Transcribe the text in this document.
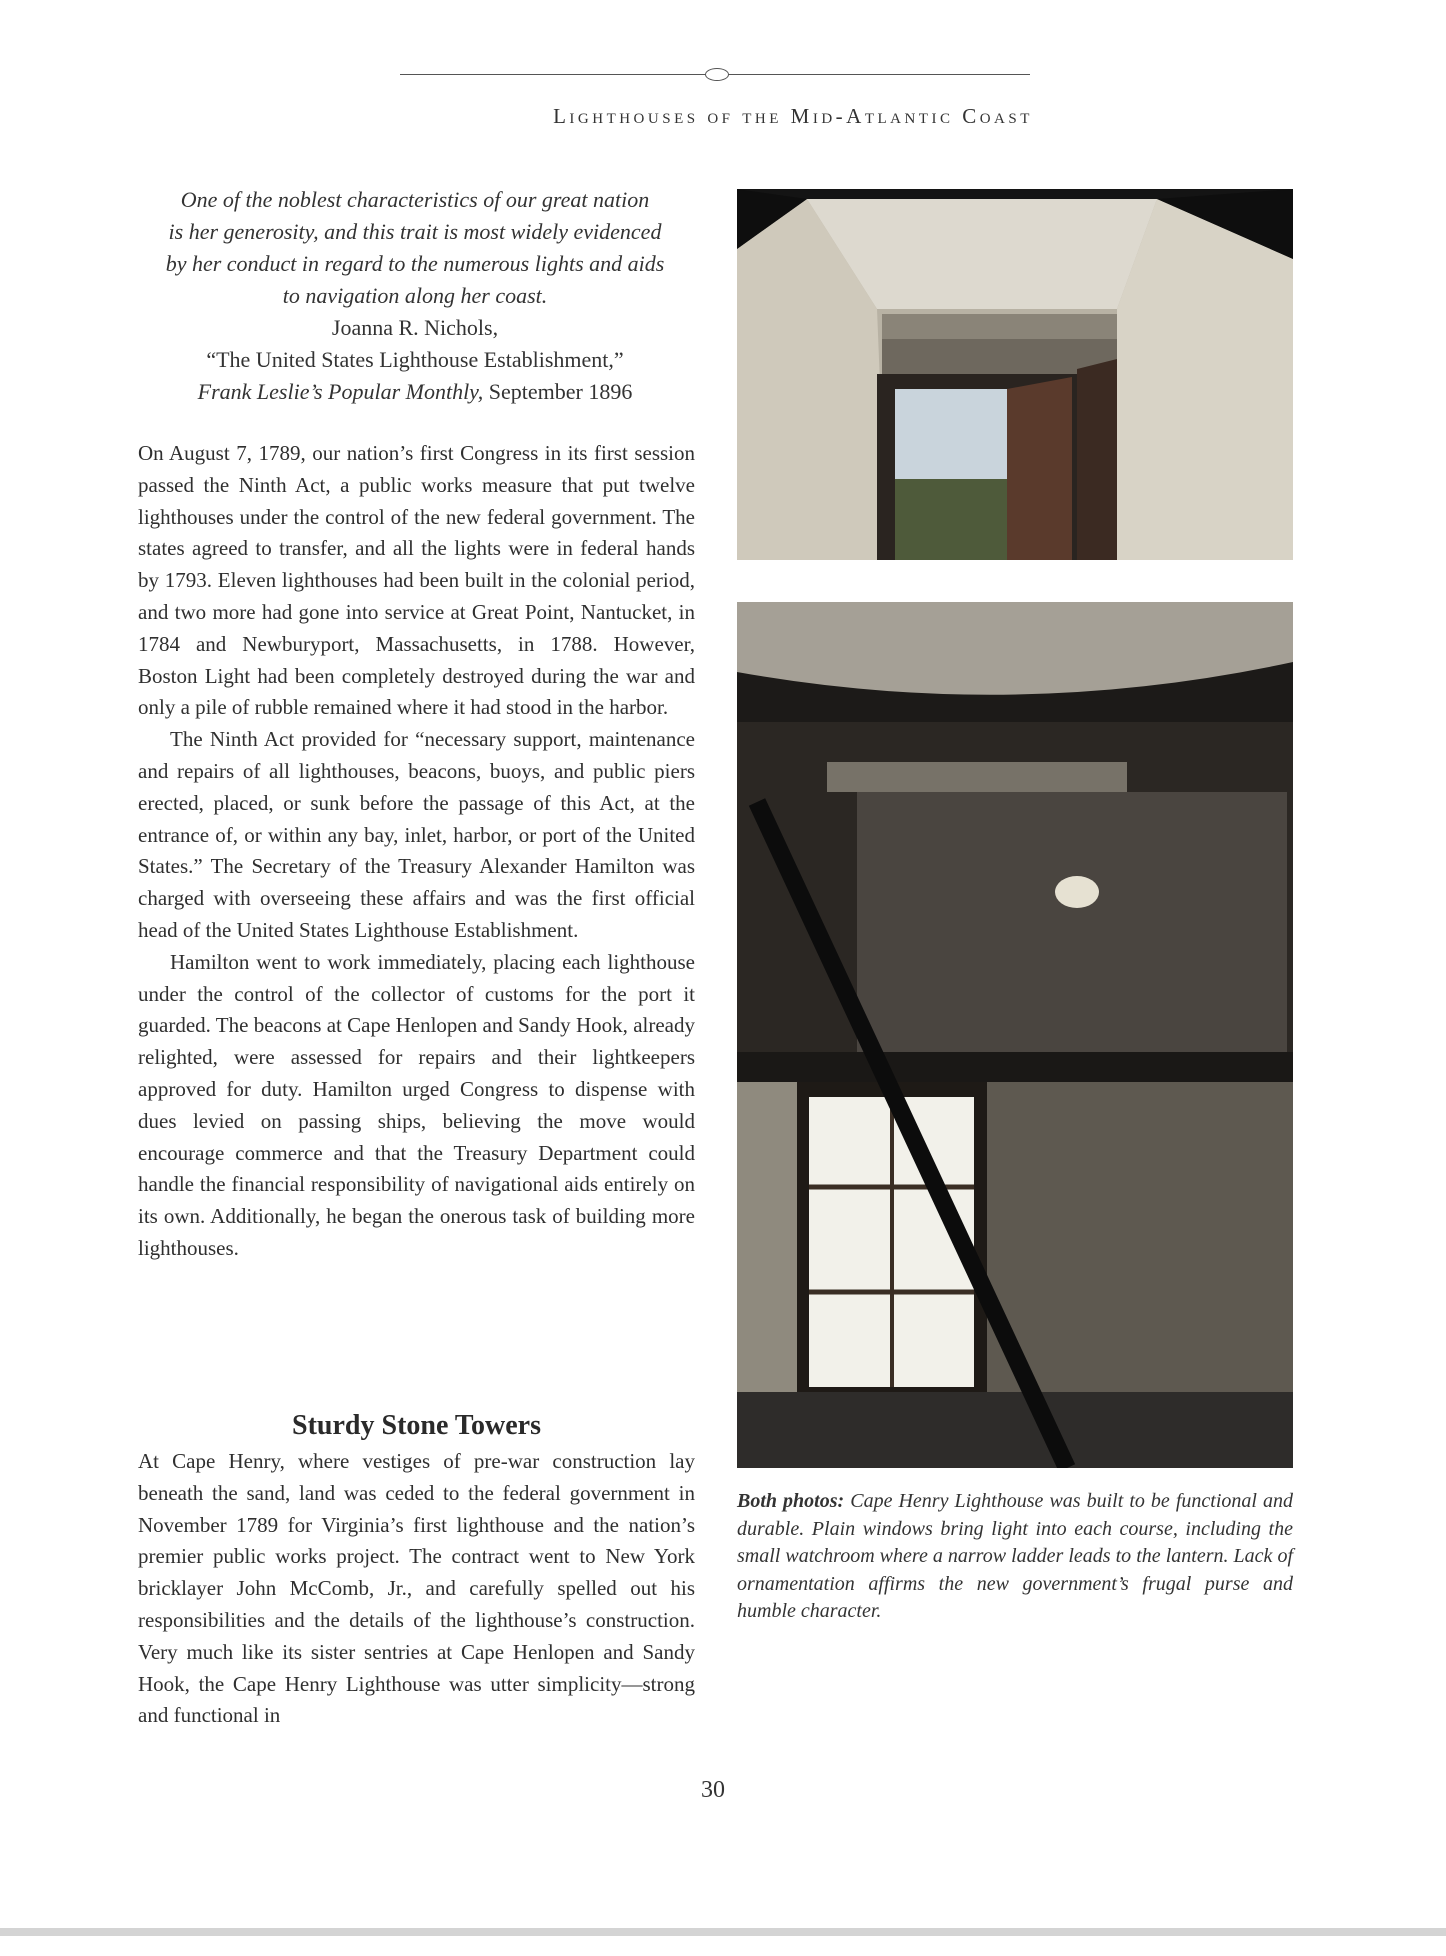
Lighthouses of the Mid-Atlantic Coast
One of the noblest characteristics of our great nation
is her generosity, and this trait is most widely evidenced
by her conduct in regard to the numerous lights and aids
to navigation along her coast.
Joanna R. Nichols,
“The United States Lighthouse Establishment,”
Frank Leslie’s Popular Monthly, September 1896

On August 7, 1789, our nation’s first Congress in its first session passed the Ninth Act, a public works measure that put twelve lighthouses under the control of the new federal government. The states agreed to transfer, and all the lights were in federal hands by 1793. Eleven lighthouses had been built in the colonial period, and two more had gone into service at Great Point, Nantucket, in 1784 and Newburyport, Massachusetts, in 1788. However, Boston Light had been completely destroyed during the war and only a pile of rubble remained where it had stood in the harbor.

The Ninth Act provided for “necessary support, maintenance and repairs of all lighthouses, beacons, buoys, and public piers erected, placed, or sunk before the passage of this Act, at the entrance of, or within any bay, inlet, harbor, or port of the United States.” The Secretary of the Treasury Alexander Hamilton was charged with overseeing these affairs and was the first official head of the United States Lighthouse Establishment.

Hamilton went to work immediately, placing each lighthouse under the control of the collector of customs for the port it guarded. The beacons at Cape Henlopen and Sandy Hook, already relighted, were assessed for repairs and their lightkeepers approved for duty. Hamilton urged Congress to dispense with dues levied on passing ships, believing the move would encourage commerce and that the Treasury Department could handle the financial responsibility of navigational aids entirely on its own. Additionally, he began the onerous task of building more lighthouses.

Sturdy Stone Towers

At Cape Henry, where vestiges of pre-war construction lay beneath the sand, land was ceded to the federal government in November 1789 for Virginia’s first lighthouse and the nation’s premier public works project. The contract went to New York bricklayer John McComb, Jr., and carefully spelled out his responsibilities and the details of the lighthouse’s construction. Very much like its sister sentries at Cape Henlopen and Sandy Hook, the Cape Henry Lighthouse was utter simplicity—strong and functional in

Both photos: Cape Henry Lighthouse was built to be functional and durable. Plain windows bring light into each course, including the small watchroom where a narrow ladder leads to the lantern. Lack of ornamentation affirms the new government’s frugal purse and humble character.
30
